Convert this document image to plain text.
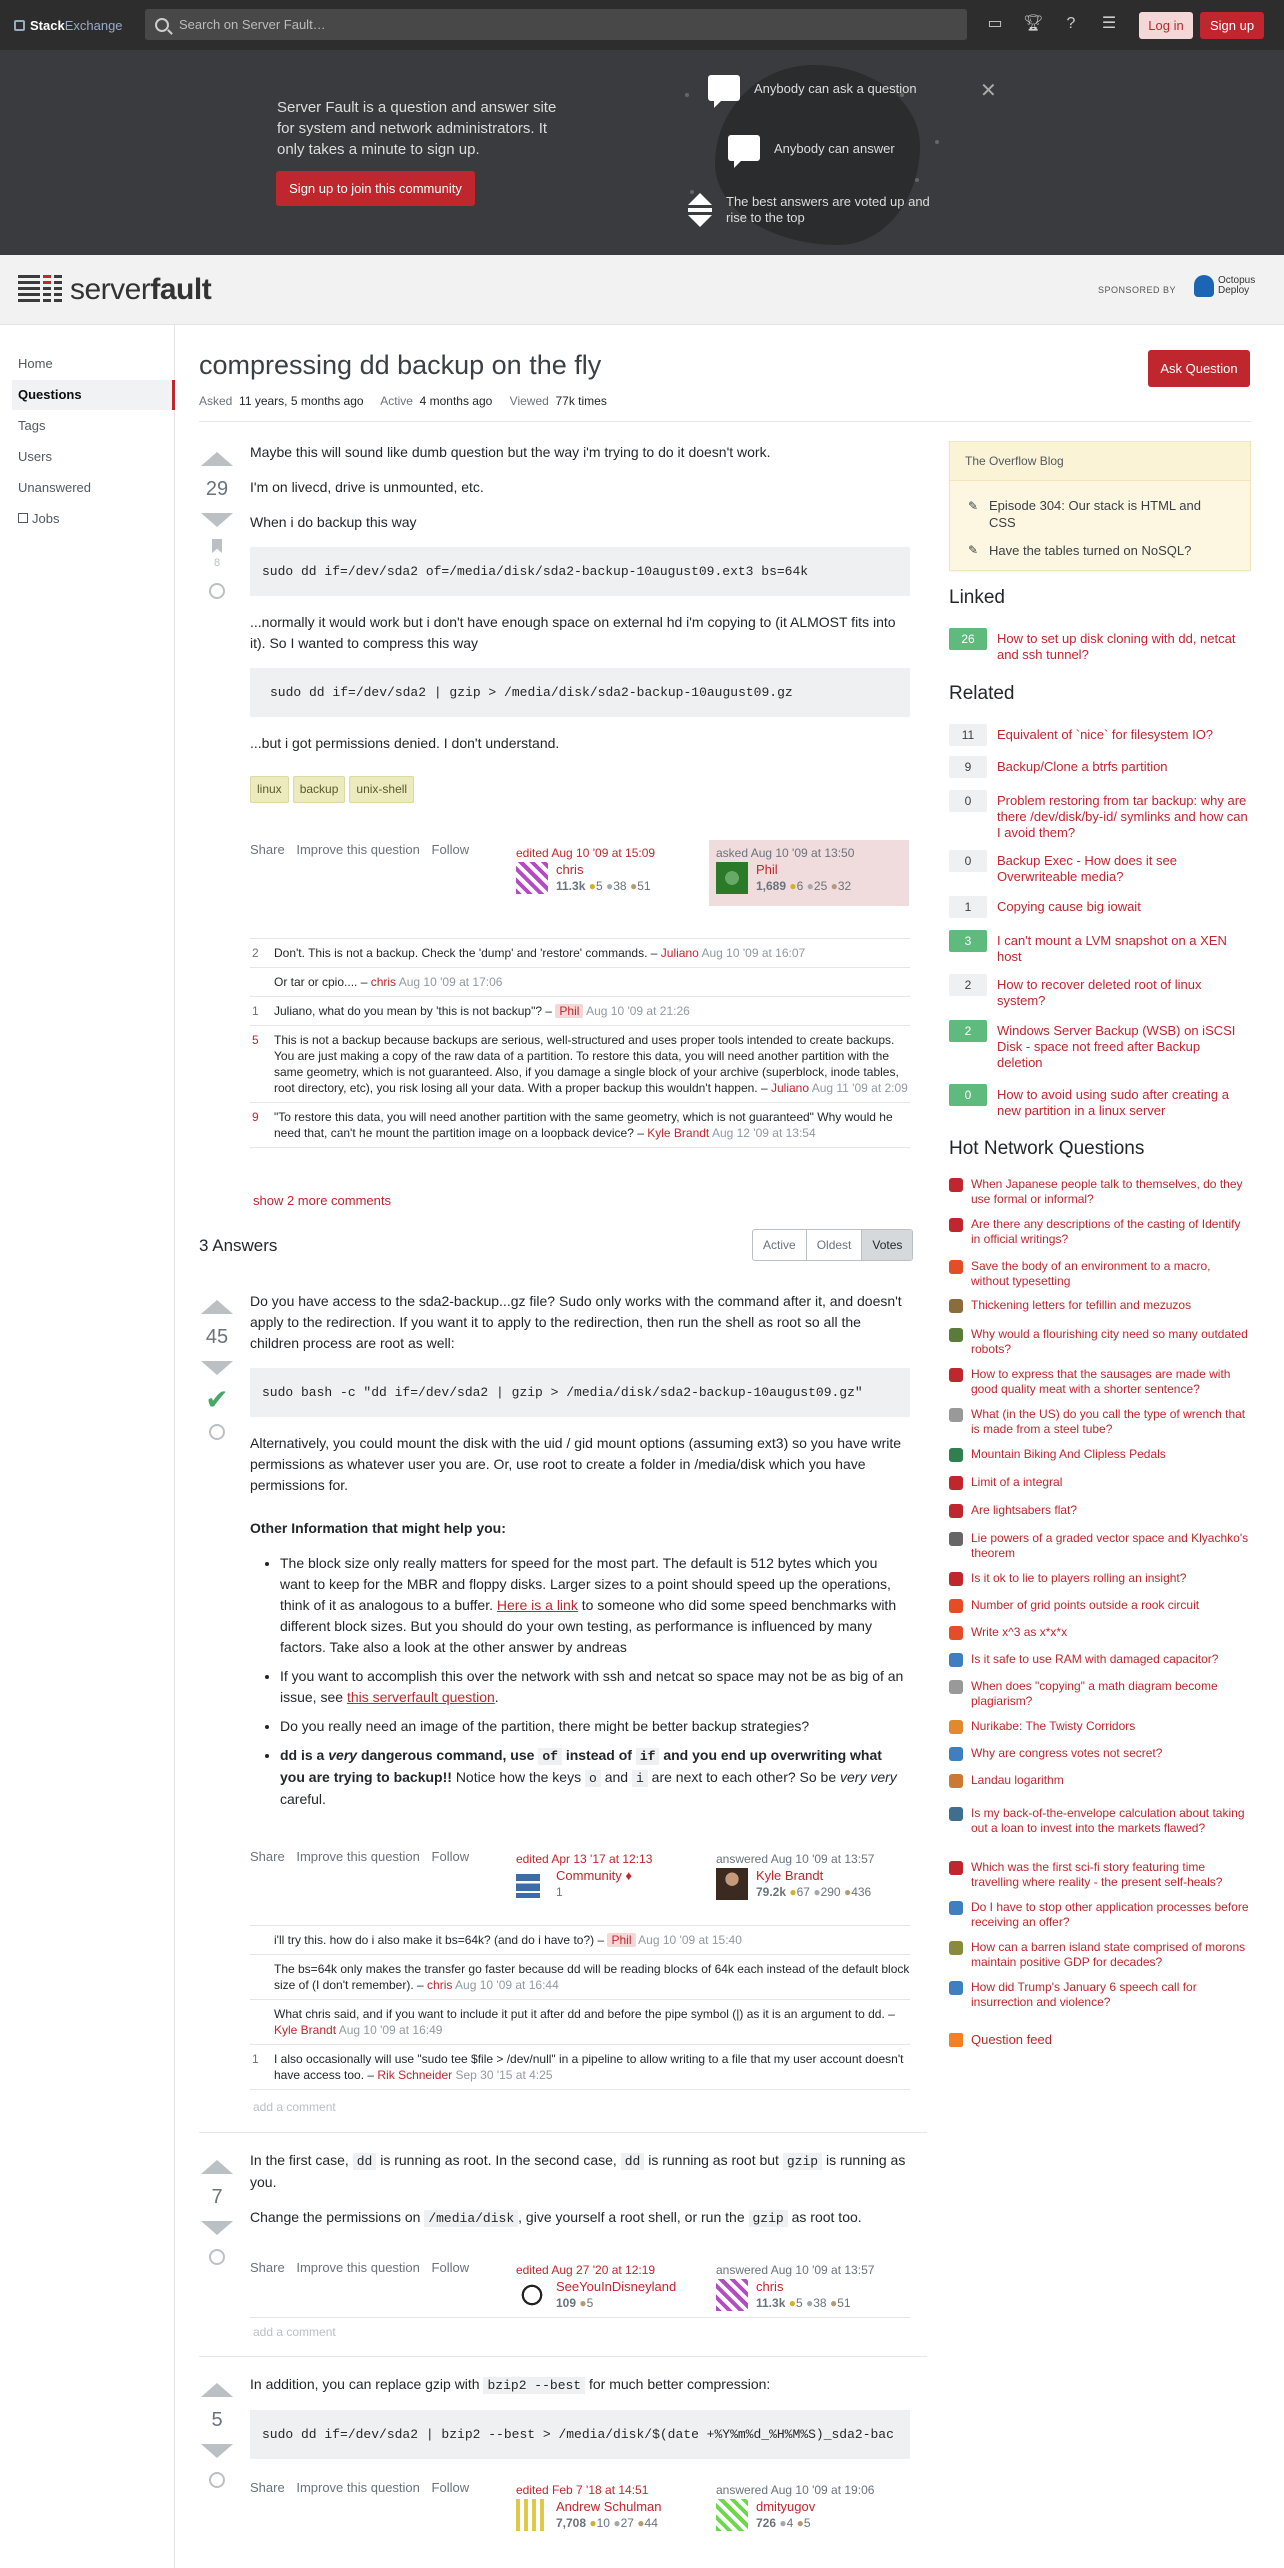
Stack Exchange	Search on Server Fault…	▭ 🏆︎	?	☰	Log in	Sign up
Server Fault is a question and answer site for system and network administrators. It only takes a minute to sign up.
Sign up to join this community
Anybody can ask a question
Anybody can answer
The best answers are voted up and rise to the top
✕
serverfault	SPONSORED BY
Octopus
Deploy
Home
Questions
Tags
Users
Unanswered
Jobs
compressing dd backup on the fly	Ask Question
Asked 11 years, 5 months ago Active 4 months ago Viewed 77k times
29
8

Maybe this will sound like dumb question but the way i'm trying to do it doesn't work.

I'm on livecd, drive is unmounted, etc.

When i do backup this way

sudo dd if=/dev/sda2 of=/media/disk/sda2-backup-10august09.ext3 bs=64k

...normally it would work but i don't have enough space on external hd i'm copying to (it ALMOST fits into it). So I wanted to compress this way

sudo dd if=/dev/sda2 | gzip > /media/disk/sda2-backup-10august09.gz

...but i got permissions denied. I don't understand.

linux	backup	unix-shell
Share Improve this question Follow	edited Aug 10 '09 at 15:09
chris
11.3k ●5 ●38 ●51
asked Aug 10 '09 at 13:50
Phil
1,689 ●6 ●25 ●32
2 Don't. This is not a backup. Check the 'dump' and 'restore' commands. – Juliano Aug 10 '09 at 16:07
Or tar or cpio.... – chris Aug 10 '09 at 17:06
1 Juliano, what do you mean by 'this is not backup"? – Phil Aug 10 '09 at 21:26
5 This is not a backup because backups are serious, well-structured and uses proper tools intended to create backups. You are just making a copy of the raw data of a partition. To restore this data, you will need another partition with the same geometry, which is not guaranteed. Also, if you damage a single block of your archive (superblock, inode tables, root directory, etc), you risk losing all your data. With a proper backup this wouldn't happen. – Juliano Aug 11 '09 at 2:09
9 "To restore this data, you will need another partition with the same geometry, which is not guaranteed" Why would he need that, can't he mount the partition image on a loopback device? – Kyle Brandt Aug 12 '09 at 13:54
show 2 more comments
3 Answers	Active	Oldest	Votes
45
✔

Do you have access to the sda2-backup...gz file? Sudo only works with the command after it, and doesn't apply to the redirection. If you want it to apply to the redirection, then run the shell as root so all the children process are root as well:

sudo bash -c "dd if=/dev/sda2 | gzip > /media/disk/sda2-backup-10august09.gz"

Alternatively, you could mount the disk with the uid / gid mount options (assuming ext3) so you have write permissions as whatever user you are. Or, use root to create a folder in /media/disk which you have permissions for.

Other Information that might help you:

• The block size only really matters for speed for the most part. The default is 512 bytes which you want to keep for the MBR and floppy disks. Larger sizes to a point should speed up the operations, think of it as analogous to a buffer. Here is a link to someone who did some speed benchmarks with different block sizes. But you should do your own testing, as performance is influenced by many factors. Take also a look at the other answer by andreas
• If you want to accomplish this over the network with ssh and netcat so space may not be as big of an issue, see this serverfault question.
• Do you really need an image of the partition, there might be better backup strategies?
• dd is a very dangerous command, use of instead of if and you end up overwriting what you are trying to backup!! Notice how the keys o and i are next to each other? So be very very careful.
Share Improve this question Follow	edited Apr 13 '17 at 12:13
Community ♦
1
answered Aug 10 '09 at 13:57
Kyle Brandt
79.2k ●67 ●290 ●436
i'll try this. how do i also make it bs=64k? (and do i have to?) – Phil Aug 10 '09 at 15:40
The bs=64k only makes the transfer go faster because dd will be reading blocks of 64k each instead of the default block size of (I don't remember). – chris Aug 10 '09 at 16:44
What chris said, and if you want to include it put it after dd and before the pipe symbol (|) as it is an argument to dd. – Kyle Brandt Aug 10 '09 at 16:49
1 I also occasionally will use "sudo tee $file > /dev/null" in a pipeline to allow writing to a file that my user account doesn't have access too. – Rik Schneider Sep 30 '15 at 4:25
add a comment
7

In the first case, dd is running as root. In the second case, dd is running as root but gzip is running as you.

Change the permissions on /media/disk , give yourself a root shell, or run the gzip as root too.

Share Improve this question Follow	edited Aug 27 '20 at 12:19
SeeYouInDisneyland
109 ●5
answered Aug 10 '09 at 13:57
chris
11.3k ●5 ●38 ●51
add a comment
5

In addition, you can replace gzip with bzip2 --best for much better compression:

sudo dd if=/dev/sda2 | bzip2 --best > /media/disk/$(date +%Y%m%d_%H%M%S)_sda2-bac
Share Improve this question Follow	edited Feb 7 '18 at 14:51
Andrew Schulman
7,708 ●10 ●27 ●44
answered Aug 10 '09 at 19:06
dmityugov
726 ●4 ●5
The Overflow Blog
✎ Episode 304: Our stack is HTML and CSS
✎ Have the tables turned on NoSQL?
Linked
26	How to set up disk cloning with dd, netcat and ssh tunnel?
Related
11	Equivalent of `nice` for filesystem IO?
9	Backup/Clone a btrfs partition
0	Problem restoring from tar backup: why are there /dev/disk/by-id/ symlinks and how can I avoid them?
0	Backup Exec - How does it see Overwriteable media?
1	Copying cause big iowait
3	I can't mount a LVM snapshot on a XEN host
2	How to recover deleted root of linux system?
2	Windows Server Backup (WSB) on iSCSI Disk - space not freed after Backup deletion
0	How to avoid using sudo after creating a new partition in a linux server
Hot Network Questions
When Japanese people talk to themselves, do they use formal or informal?
Are there any descriptions of the casting of Identify in official writings?
Save the body of an environment to a macro, without typesetting
Thickening letters for tefillin and mezuzos
Why would a flourishing city need so many outdated robots?
How to express that the sausages are made with good quality meat with a shorter sentence?
What (in the US) do you call the type of wrench that is made from a steel tube?
Mountain Biking And Clipless Pedals
Limit of a integral
Are lightsabers flat?
Lie powers of a graded vector space and Klyachko's theorem
Is it ok to lie to players rolling an insight?
Number of grid points outside a rook circuit
Write x^3 as x*x*x
Is it safe to use RAM with damaged capacitor?
When does "copying" a math diagram become plagiarism?
Nurikabe: The Twisty Corridors
Why are congress votes not secret?
Landau logarithm
Is my back-of-the-envelope calculation about taking out a loan to invest into the markets flawed?
Which was the first sci-fi story featuring time travelling where reality - the present self-heals?
Do I have to stop other application processes before receiving an offer?
How can a barren island state comprised of morons maintain positive GDP for decades?
How did Trump's January 6 speech call for insurrection and violence?
Question feed
